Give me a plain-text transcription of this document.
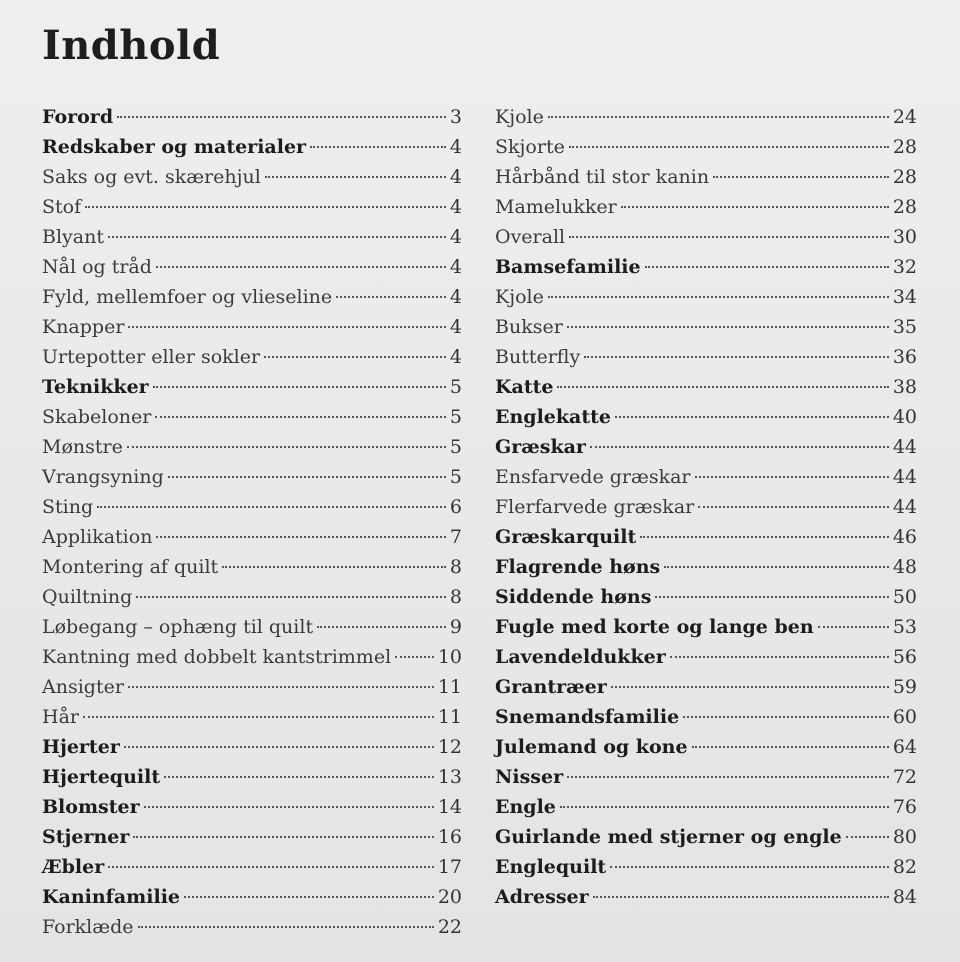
Indhold
Forord	3
Redskaber og materialer	4
Saks og evt. skærehjul	4
Stof	4
Blyant	4
Nål og tråd	4
Fyld, mellemfoer og vlieseline	4
Knapper	4
Urtepotter eller sokler	4
Teknikker	5
Skabeloner	5
Mønstre	5
Vrangsyning	5
Sting	6
Applikation	7
Montering af quilt	8
Quiltning	8
Løbegang – ophæng til quilt	9
Kantning med dobbelt kantstrimmel 10
Ansigter	11
Hår	11
Hjerter	12
Hjertequilt	13
Blomster	14
Stjerner	16
Æbler	17
Kaninfamilie	20
Forklæde	22
Kjole	24
Skjorte	28
Hårbånd til stor kanin	28
Mamelukker	28
Overall	30
Bamsefamilie	32
Kjole	34
Bukser	35
Butterfly	36
Katte	38
Englekatte	40
Græskar	44
Ensfarvede græskar	44
Flerfarvede græskar	44
Græskarquilt	46
Flagrende høns	48
Siddende høns	50
Fugle med korte og lange ben	53
Lavendeldukker	56
Grantræer	59
Snemandsfamilie	60
Julemand og kone	64
Nisser	72
Engle	76
Guirlande med stjerner og engle	80
Englequilt	82
Adresser	84
